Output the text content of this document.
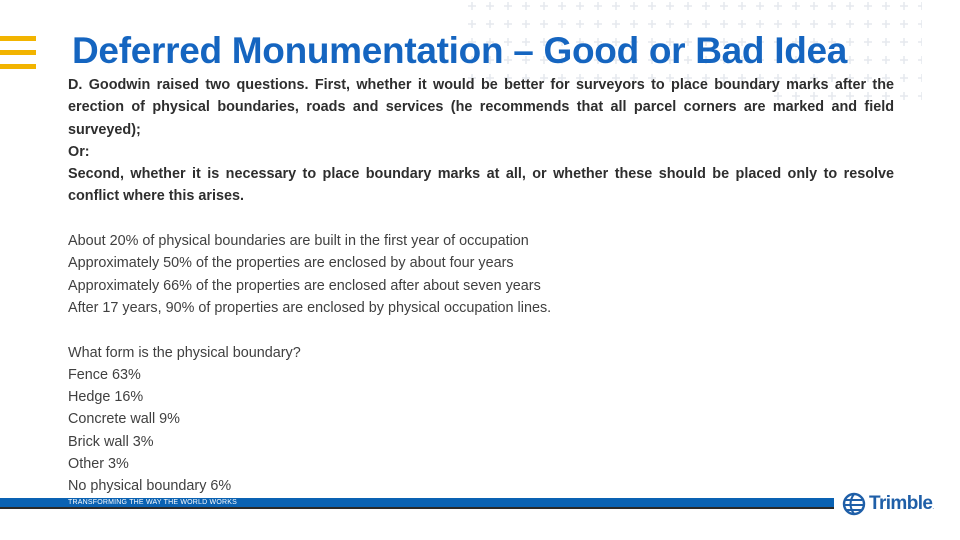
Deferred Monumentation – Good or Bad Idea

D. Goodwin raised two questions. First, whether it would be better for surveyors to place boundary marks after the erection of physical boundaries, roads and services (he recommends that all parcel corners are marked and field surveyed);

Or:

Second, whether it is necessary to place boundary marks at all, or whether these should be placed only to resolve conflict where this arises.

About 20% of physical boundaries are built in the first year of occupation

Approximately 50% of the properties are enclosed by about four years

Approximately 66% of the properties are enclosed after about seven years

After 17 years, 90% of properties are enclosed by physical occupation lines.

What form is the physical boundary?

Fence 63%

Hedge 16%

Concrete wall 9%

Brick wall 3%

Other 3%

No physical boundary 6%

TRANSFORMING THE WAY THE WORLD WORKS	Trimble .
